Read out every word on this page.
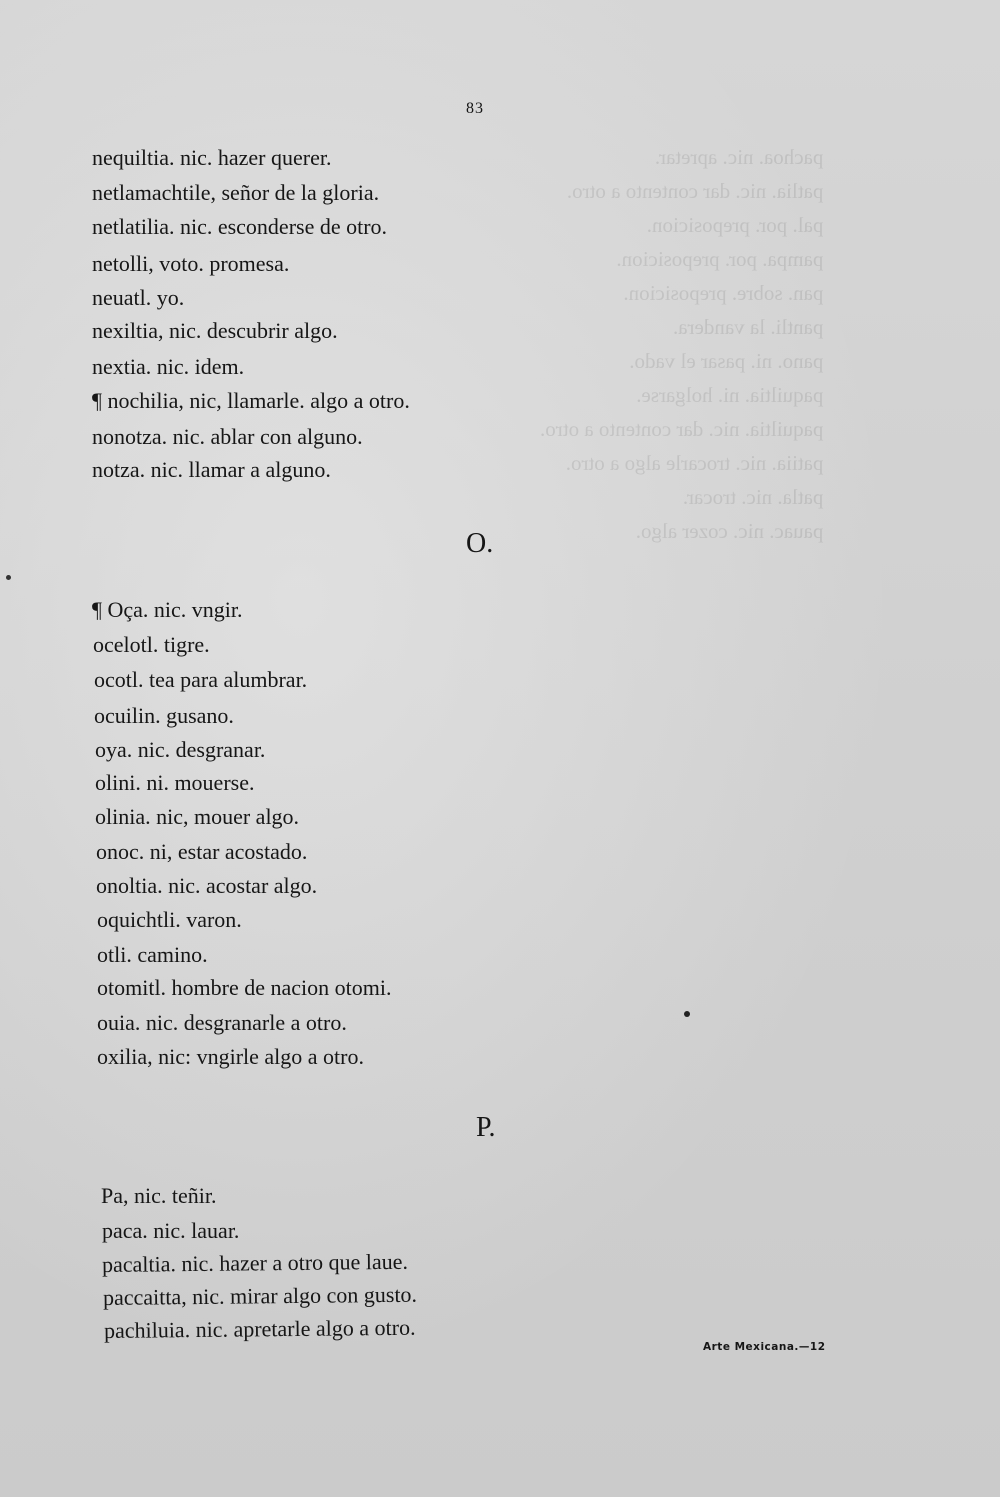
pachoa. nic. apretar.
patlia. nic. dar contento a otro.
pal. por. preposicion.
pampa. por. preposicion.
pan. sobre. preposicion.
pantli. la vandera.
pano. ni. pasar el vado.
paquiltia. ni. holgarse.
paquiltia. nic. dar contento a otro.
patiia. nic. trocarle algo a otro.
patla. nic. trocar.
pauac. nic. cozer algo.
83
nequiltia. nic. hazer querer.
netlamachtile, señor de la gloria.
netlatilia. nic. esconderse de otro.
netolli, voto. promesa.
neuatl. yo.
nexiltia, nic. descubrir algo.
nextia. nic. idem.
¶ nochilia, nic, llamarle. algo a otro.
nonotza. nic. ablar con alguno.
notza. nic. llamar a alguno.
O.
¶ Oça. nic. vngir.
ocelotl. tigre.
ocotl. tea para alumbrar.
ocuilin. gusano.
oya. nic. desgranar.
olini. ni. mouerse.
olinia. nic, mouer algo.
onoc. ni, estar acostado.
onoltia. nic. acostar algo.
oquichtli. varon.
otli. camino.
otomitl. hombre de nacion otomi.
ouia. nic. desgranarle a otro.
oxilia, nic: vngirle algo a otro.
P.
Pa, nic. teñir.
paca. nic. lauar.
pacaltia. nic. hazer a otro que laue.
paccaitta, nic. mirar algo con gusto.
pachiluia. nic. apretarle algo a otro.
Arte Mexicana.—12
